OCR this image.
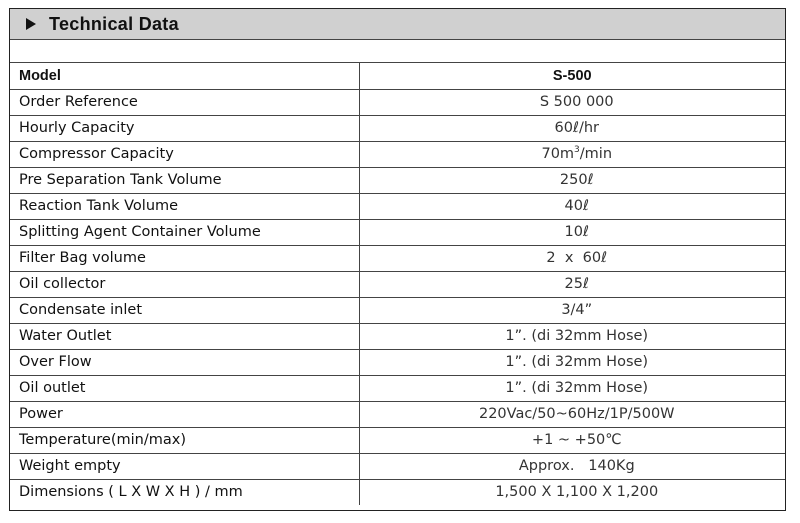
Technical Data
Model	S-500
Order Reference	S 500 000
Hourly Capacity	60ℓ/hr
Compressor Capacity	$70m^3/\min$
Pre Separation Tank Volume	250ℓ
Reaction Tank Volume	40ℓ
Splitting Agent Container Volume	10ℓ
Filter Bag volume	2  x  60ℓ
Oil collector	25ℓ
Condensate inlet	3/4”
Water Outlet	1”. (di 32mm Hose)
Over Flow	1”. (di 32mm Hose)
Oil outlet	1”. (di 32mm Hose)
Power	220Vac/50~60Hz/1P/500W
Temperature(min/max)	+1 ~ +50℃
Weight empty	Approx.   140Kg
Dimensions ( L X W X H ) / mm	1,500 X 1,100 X 1,200
